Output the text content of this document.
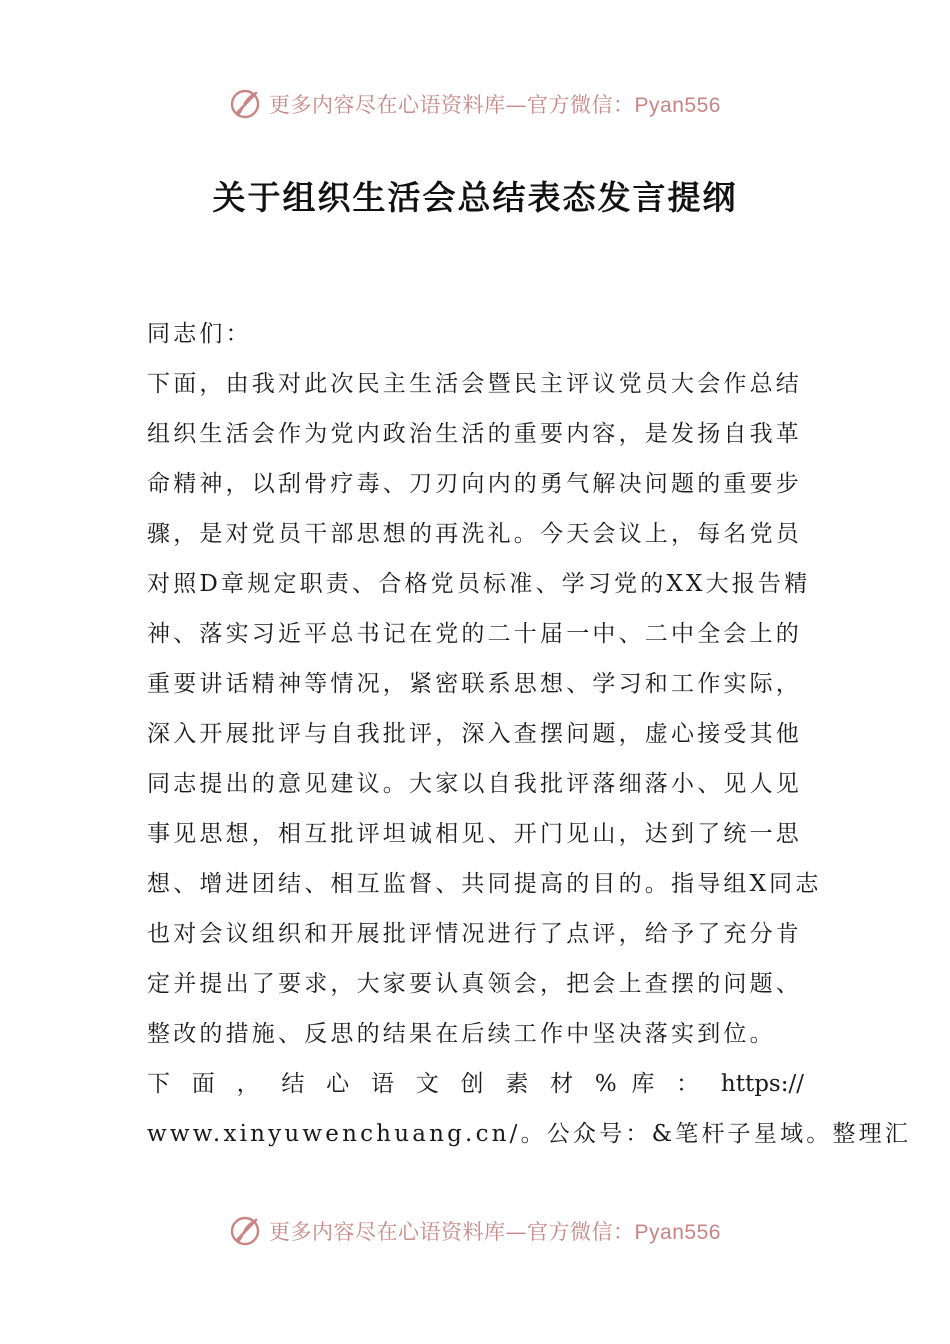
更多内容尽在心语资料库—官方微信：Pyan556
关于组织生活会总结表态发言提纲
同志们：
下面，由我对此次民主生活会暨民主评议党员大会作总结
组织生活会作为党内政治生活的重要内容，是发扬自我革
命精神，以刮骨疗毒、刀刃向内的勇气解决问题的重要步
骤，是对党员干部思想的再洗礼。今天会议上，每名党员
对照D章规定职责、合格党员标准、学习党的XX大报告精
神、落实习近平总书记在党的二十届一中、二中全会上的
重要讲话精神等情况，紧密联系思想、学习和工作实际，
深入开展批评与自我批评，深入查摆问题，虚心接受其他
同志提出的意见建议。大家以自我批评落细落小、见人见
事见思想，相互批评坦诚相见、开门见山，达到了统一思
想、增进团结、相互监督、共同提高的目的。指导组X同志
也对会议组织和开展批评情况进行了点评，给予了充分肯
定并提出了要求，大家要认真领会，把会上查摆的问题、
整改的措施、反思的结果在后续工作中坚决落实到位。
下 面 ， 结 心 语 文 创 素 材 % 库 ： https://
www.xinyuwenchuang.cn/。公众号：&笔杆子星域。整理汇
更多内容尽在心语资料库—官方微信：Pyan556
